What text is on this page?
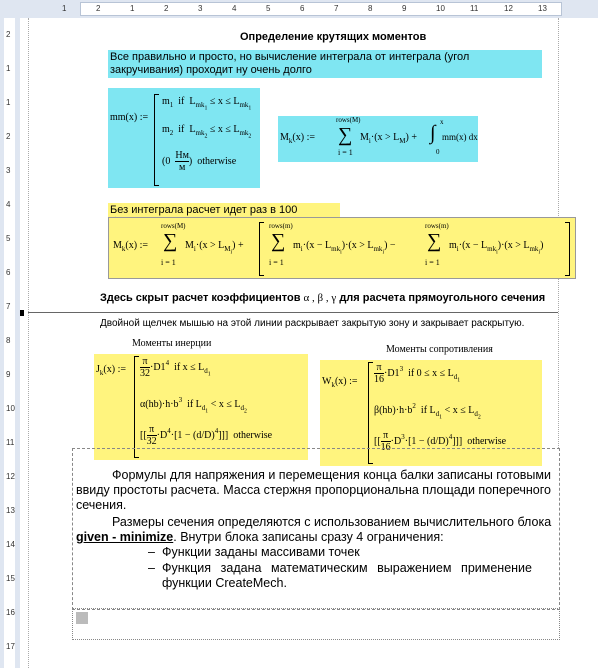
1	2	1	2	3	4	5	6	7	8	9	10	11	12	13
2
1
1
2
3
4
5
6
7
8
9
10
11
12
13
14
15
16
17
Определение крутящих моментов
Все правильно и просто, но вычисление интеграла от интеграла (угол закручивания) проходит ну очень долго
mm(x) :=
$m_1$ if  $L_{mk_1} \le x \le L_{mk_1}$
$m_2$ if  $L_{mk_2} \le x \le L_{mk_2}$
(0
Нм
м
)  otherwise
$M_k(x)$ :=
rows(M)
∑
i = 1
$M_i\cdot(x > L_M)$ + ∫ x
0
mm(x) dx
Без интеграла расчет идет раз в 100
$M_k(x)$ :=
rows(M)
∑
i = 1
$M_i\cdot(x > L_{M_i})$ +
rows(m)
∑
i = 1
$m_i\cdot(x - L_{mk_i})\cdot(x > L_{mk_i})$ −
rows(m)
∑
i = 1
$m_i\cdot(x - L_{mk_i})\cdot(x > L_{mk_i})$
Здесь скрыт расчет коэффициентов α , β , γ для расчета прямоугольного сечения
Двойной щелчек мышью на этой линии раскрывает закрытую зону и закрывает раскрытую.
Моменты инерции
$J_k(x)$ := $\frac{\pi}{32} \cdot D1^4$ if $x \le L_{d_1}$
$\alpha(hb)\cdot h\cdot b^3$ if $L_{d_1} < x \le L_{d_2}$
[[ $\frac{\pi}{32} \cdot D^4\cdot[1 - (d/D)^4]$]]  otherwise
Моменты сопротивления
$W_k(x)$ := $\frac{\pi}{16} \cdot D1^3$ if $0 \le x \le L_{d_1}$
$\beta(hb)\cdot h\cdot b^2$ if $L_{d_1} < x \le L_{d_2}$
[[ $\frac{\pi}{16} \cdot D^3\cdot[1 - (d/D)^4]$]]  otherwise
Формулы для напряжения и перемещения конца балки записаны готовыми ввиду простоты расчета. Масса стержня пропорциональна площади поперечного сечения.
Размеры сечения определяются с использованием вычислительного блока given - minimize. Внутри блока записаны сразу 4 ограничения:
– Функции заданы массивами точек
– Функция задана математическим выражением применение функции CreateMech.
